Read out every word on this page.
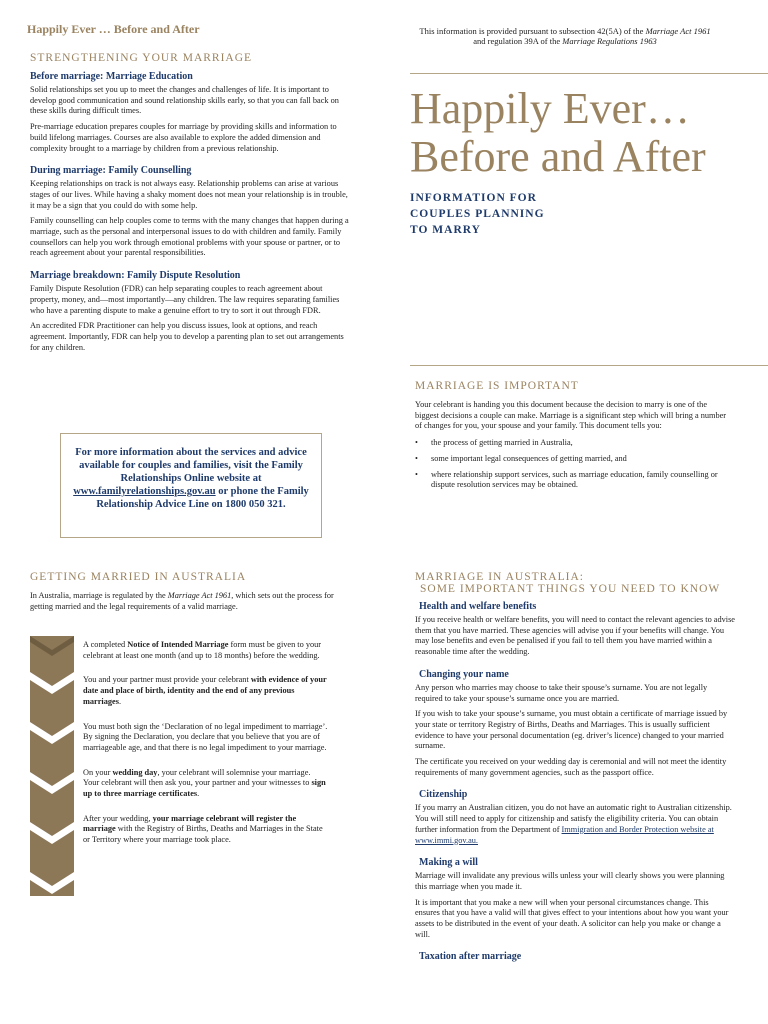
Happily Ever … Before and After	This information is provided pursuant to subsection 42(5A) of the Marriage Act 1961
and regulation 39A of the Marriage Regulations 1963
STRENGTHENING YOUR MARRIAGE
Before marriage: Marriage Education

Solid relationships set you up to meet the changes and challenges of life. It is important to develop good communication and sound relationship skills early, so that you can fall back on these skills during difficult times.

Pre-marriage education prepares couples for marriage by providing skills and information to build lifelong marriages. Courses are also available to explore the added dimension and complexity brought to a marriage by children from a previous relationship.

During marriage: Family Counselling

Keeping relationships on track is not always easy. Relationship problems can arise at various stages of our lives. While having a shaky moment does not mean your relationship is in trouble, it may be a sign that you could do with some help.

Family counselling can help couples come to terms with the many changes that happen during a marriage, such as the personal and interpersonal issues to do with children and family. Family counsellors can help you work through emotional problems with your spouse or partner, or to reach agreement about your parental responsibilities.

Marriage breakdown: Family Dispute Resolution

Family Dispute Resolution (FDR) can help separating couples to reach agreement about property, money, and—most importantly—any children. The law requires separating families who have a parenting dispute to make a genuine effort to try to sort it out through FDR.

An accredited FDR Practitioner can help you discuss issues, look at options, and reach agreement. Importantly, FDR can help you to develop a parenting plan to set out arrangements for any children.

For more information about the services and advice available for couples and families, visit the Family Relationships Online website at www.familyrelationships.gov.au or phone the Family Relationship Advice Line on 1800 050 321.
Happily Ever…
Before and After
INFORMATION FOR
COUPLES PLANNING
TO MARRY
MARRIAGE IS IMPORTANT

Your celebrant is handing you this document because the decision to marry is one of the biggest decisions a couple can make. Marriage is a significant step which will bring a number of changes for you, your spouse and your family. This document tells you:

• the process of getting married in Australia,
• some important legal consequences of getting married, and
• where relationship support services, such as marriage education, family counselling or dispute resolution services may be obtained.
GETTING MARRIED IN AUSTRALIA

In Australia, marriage is regulated by the Marriage Act 1961, which sets out the process for getting married and the legal requirements of a valid marriage.

A completed Notice of Intended Marriage form must be given to your celebrant at least one month (and up to 18 months) before the wedding.

You and your partner must provide your celebrant with evidence of your date and place of birth, identity and the end of any previous marriages.

You must both sign the ‘Declaration of no legal impediment to marriage’. By signing the Declaration, you declare that you believe that you are of marriageable age, and that there is no legal impediment to your marriage.

On your wedding day, your celebrant will solemnise your marriage. Your celebrant will then ask you, your partner and your witnesses to sign up to three marriage certificates.

After your wedding, your marriage celebrant will register the marriage with the Registry of Births, Deaths and Marriages in the State or Territory where your marriage took place.

MARRIAGE IN AUSTRALIA:
SOME IMPORTANT THINGS YOU NEED TO KNOW
Health and welfare benefits

If you receive health or welfare benefits, you will need to contact the relevant agencies to advise them that you have married. These agencies will advise you if your benefits will change. You may lose benefits and even be penalised if you fail to tell them you have married within a reasonable time after the wedding.

Changing your name

Any person who marries may choose to take their spouse’s surname. You are not legally required to take your spouse’s surname once you are married.

If you wish to take your spouse’s surname, you must obtain a certificate of marriage issued by your state or territory Registry of Births, Deaths and Marriages. This is usually sufficient evidence to have your personal documentation (eg. driver’s licence) changed to your married surname.

The certificate you received on your wedding day is ceremonial and will not meet the identity requirements of many government agencies, such as the passport office.

Citizenship

If you marry an Australian citizen, you do not have an automatic right to Australian citizenship. You will still need to apply for citizenship and satisfy the eligibility criteria. You can obtain further information from the Department of Immigration and Border Protection website at www.immi.gov.au.

Making a will

Marriage will invalidate any previous wills unless your will clearly shows you were planning this marriage when you made it.

It is important that you make a new will when your personal circumstances change. This ensures that you have a valid will that gives effect to your intentions about how you want your assets to be distributed in the event of your death. A solicitor can help you make or change a will.

Taxation after marriage
